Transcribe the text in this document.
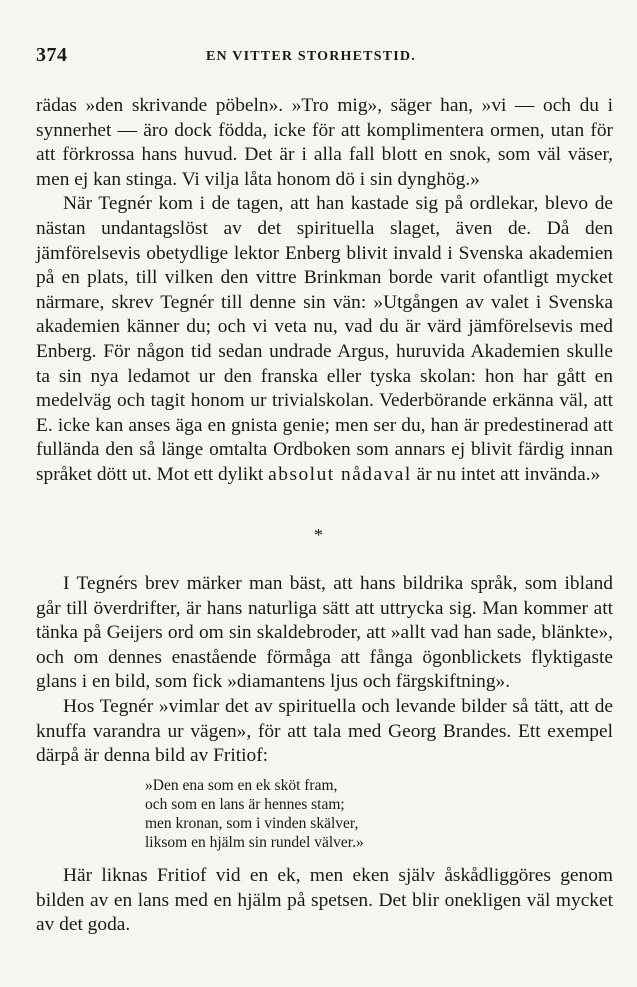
374	EN VITTER STORHETSTID.

rädas »den skrivande pöbeln». »Tro mig», säger han, »vi — och du i synnerhet — äro dock födda, icke för att komplimentera ormen, utan för att förkrossa hans huvud. Det är i alla fall blott en snok, som väl väser, men ej kan stinga. Vi vilja låta honom dö i sin dynghög.»

När Tegnér kom i de tagen, att han kastade sig på ordlekar, blevo de nästan undantagslöst av det spirituella slaget, även de. Då den jämförelsevis obetydlige lektor Enberg blivit invald i Svenska akademien på en plats, till vilken den vittre Brinkman borde varit ofantligt mycket närmare, skrev Tegnér till denne sin vän: »Utgången av valet i Svenska akademien känner du; och vi veta nu, vad du är värd jämförelsevis med Enberg. För någon tid sedan undrade Argus, huruvida Akademien skulle ta sin nya ledamot ur den franska eller tyska skolan: hon har gått en medelväg och tagit honom ur trivialskolan. Vederbörande erkänna väl, att E. icke kan anses äga en gnista genie; men ser du, han är predestinerad att fulländа den så länge omtalta Ordboken som annars ej blivit färdig innan språket dött ut. Mot ett dylikt absolut nådaval är nu intet att invända.»

*

I Tegnérs brev märker man bäst, att hans bildrika språk, som ibland går till överdrifter, är hans naturliga sätt att uttrycka sig. Man kommer att tänka på Geijers ord om sin skaldebroder, att »allt vad han sade, blänkte», och om dennes enastående förmåga att fånga ögonblickets flyktigaste glans i en bild, som fick »diamantens ljus och färgskiftning».

Hos Tegnér »vimlar det av spirituella och levande bilder så tätt, att de knuffa varandra ur vägen», för att tala med Georg Brandes. Ett exempel därpå är denna bild av Fritiof:

»Den ena som en ek sköt fram,
och som en lans är hennes stam;
men kronan, som i vinden skälver,
liksom en hjälm sin rundel välver.»

Här liknas Fritiof vid en ek, men eken själv åskådliggöres genom bilden av en lans med en hjälm på spetsen. Det blir onekligen väl mycket av det goda.
